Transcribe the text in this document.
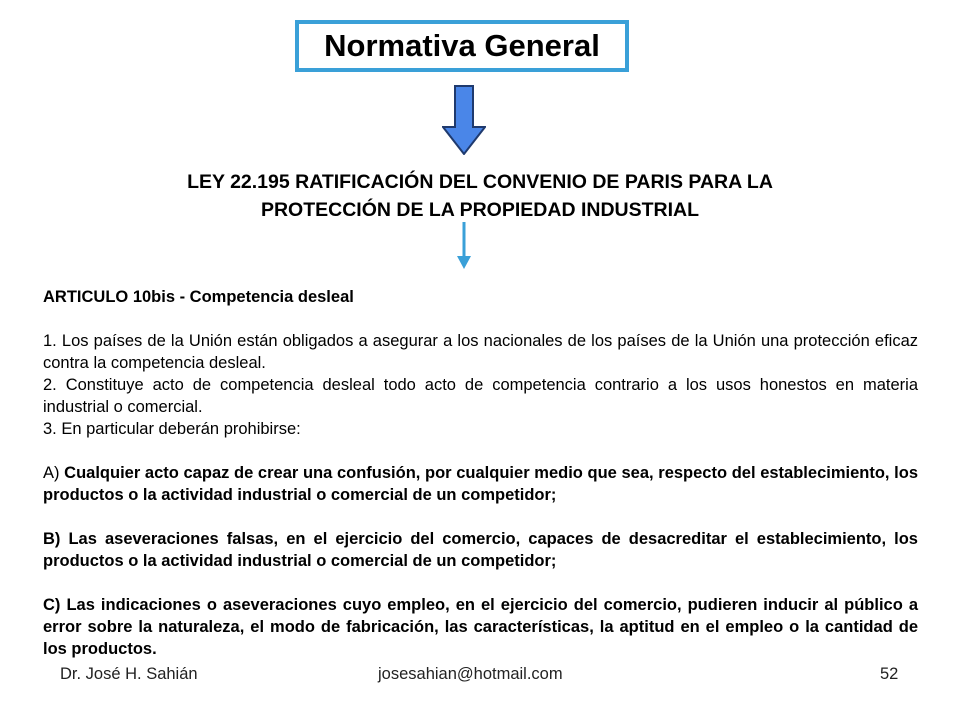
Normativa General
LEY 22.195 RATIFICACIÓN DEL CONVENIO DE PARIS PARA LA
PROTECCIÓN DE LA PROPIEDAD INDUSTRIAL

ARTICULO 10bis - Competencia desleal

1. Los países de la Unión están obligados a asegurar a los nacionales de los países de la Unión una protección eficaz contra la competencia desleal.

2. Constituye acto de competencia desleal todo acto de competencia contrario a los usos honestos en materia industrial o comercial.

3. En particular deberán prohibirse:

A) Cualquier acto capaz de crear una confusión, por cualquier medio que sea, respecto del establecimiento, los productos o la actividad industrial o comercial de un competidor;

B) Las aseveraciones falsas, en el ejercicio del comercio, capaces de desacreditar el establecimiento, los productos o la actividad industrial o comercial de un competidor;

C) Las indicaciones o aseveraciones cuyo empleo, en el ejercicio del comercio, pudieren inducir al público a error sobre la naturaleza, el modo de fabricación, las características, la aptitud en el empleo o la cantidad de los productos.

Dr. José H. Sahián	josesahian@hotmail.com	52
